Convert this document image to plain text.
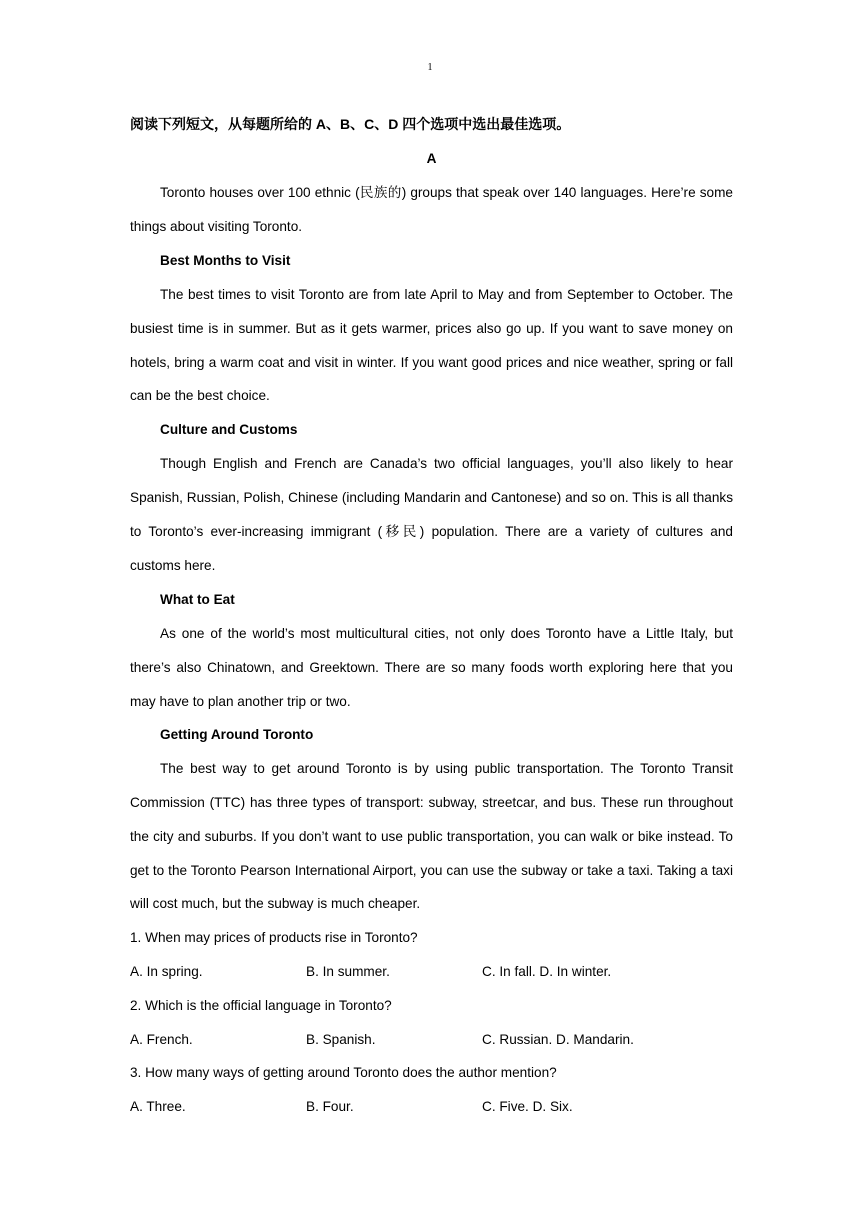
1

阅读下列短文，从每题所给的 A、B、C、D 四个选项中选出最佳选项。

A

Toronto houses over 100 ethnic (民族的) groups that speak over 140 languages. Here’re some things about visiting Toronto.

Best Months to Visit

The best times to visit Toronto are from late April to May and from September to October. The busiest time is in summer. But as it gets warmer, prices also go up. If you want to save money on hotels, bring a warm coat and visit in winter. If you want good prices and nice weather, spring or fall can be the best choice.

Culture and Customs

Though English and French are Canada’s two official languages, you’ll also likely to hear Spanish, Russian, Polish, Chinese (including Mandarin and Cantonese) and so on. This is all thanks to Toronto’s ever-increasing immigrant (移民) population. There are a variety of cultures and customs here.

What to Eat

As one of the world’s most multicultural cities, not only does Toronto have a Little Italy, but there’s also Chinatown, and Greektown. There are so many foods worth exploring here that you may have to plan another trip or two.

Getting Around Toronto

The best way to get around Toronto is by using public transportation. The Toronto Transit Commission (TTC) has three types of transport: subway, streetcar, and bus. These run throughout the city and suburbs. If you don’t want to use public transportation, you can walk or bike instead. To get to the Toronto Pearson International Airport, you can use the subway or take a taxi. Taking a taxi will cost much, but the subway is much cheaper.

1. When may prices of products rise in Toronto?

A. In spring.	B. In summer.	C. In fall. D. In winter.

2. Which is the official language in Toronto?

A. French.	B. Spanish.	C. Russian. D. Mandarin.

3. How many ways of getting around Toronto does the author mention?

A. Three.	B. Four.	C. Five. D. Six.
